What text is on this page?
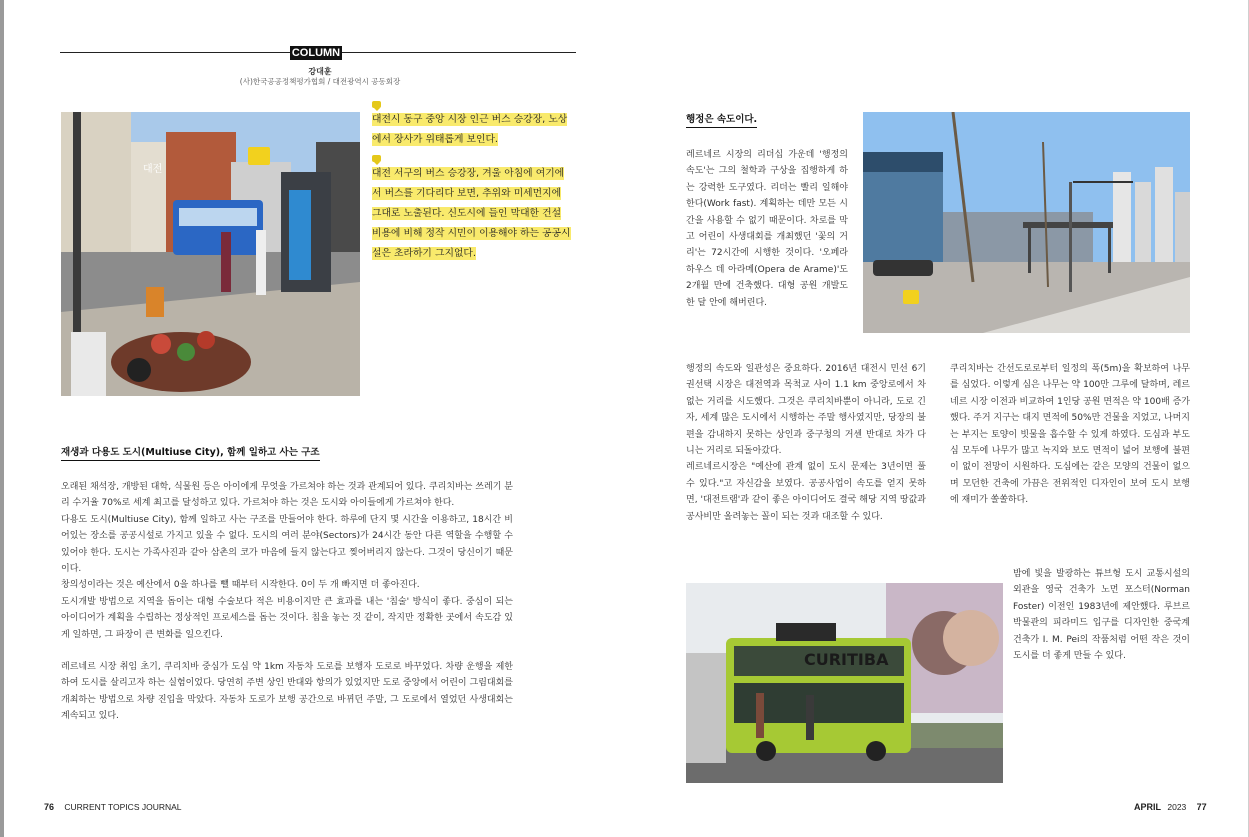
COLUMN
강대훈
(사)한국공공정책평가협회 / 대전광역시 공동회장
대전
대전시 동구 중앙 시장 인근 버스 승강장, 노상에서 장사가 위태롭게 보인다.
대전 서구의 버스 승강장, 겨울 아침에 여기에서 버스를 기다리다 보면, 추위와 미세먼지에 그대로 노출된다. 신도시에 들인 막대한 건설 비용에 비해 정작 시민이 이용해야 하는 공공시설은 초라하기 그지없다.
재생과 다용도 도시(Multiuse City), 함께 일하고 사는 구조

오래된 채석장, 개방된 대학, 식물원 등은 아이에게 무엇을 가르쳐야 하는 것과 관계되어 있다. 쿠리치바는 쓰레기 분리 수거율 70%로 세계 최고를 달성하고 있다. 가르쳐야 하는 것은 도시와 아이들에게 가르쳐야 한다.

다용도 도시(Multiuse City), 함께 일하고 사는 구조를 만들어야 한다. 하루에 단지 몇 시간을 이용하고, 18시간 비어있는 장소를 공공시설로 가지고 있을 수 없다. 도시의 여러 분야(Sectors)가 24시간 동안 다른 역할을 수행할 수 있어야 한다. 도시는 가족사진과 같아 삼촌의 코가 마음에 들지 않는다고 찢어버리지 않는다. 그것이 당신이기 때문이다.

창의성이라는 것은 예산에서 0을 하나를 뺄 때부터 시작한다. 0이 두 개 빠지면 더 좋아진다.

도시개발 방법으로 지역을 돕이는 대형 수술보다 적은 비용이지만 큰 효과를 내는 '침술' 방식이 좋다. 중심이 되는 아이디어가 계획을 수립하는 정상적인 프로세스를 돕는 것이다. 침을 놓는 것 같이, 작지만 정확한 곳에서 속도감 있게 일하면, 그 파장이 큰 변화를 일으킨다.

레르네르 시장 취임 초기, 쿠리치바 중심가 도심 약 1km 자동차 도로를 보행자 도로로 바꾸었다. 차량 운행을 제한하여 도시를 살리고자 하는 실험이었다. 당연히 주변 상인 반대와 항의가 있었지만 도로 중앙에서 어린이 그림대회를 개최하는 방법으로 차량 진입을 막았다. 자동차 도로가 보행 공간으로 바뀌던 주말, 그 도로에서 열었던 사생대회는 계속되고 있다.

행정은 속도이다.
레르네르 시장의 리더십 가운데 '행정의 속도'는 그의 철학과 구상을 집행하게 하는 강력한 도구였다. 리더는 빨리 일해야 한다(Work fast). 계획하는 데만 모든 시간을 사용할 수 없기 때문이다. 차로를 막고 어린이 사생대회를 개최했던 '꽃의 거리'는 72시간에 시행한 것이다. '오페라 하우스 데 아라메(Opera de Arame)'도 2개월 만에 건축했다. 대형 공원 개발도 한 달 안에 해버린다.

행정의 속도와 일관성은 중요하다. 2016년 대전시 민선 6기 권선택 시장은 대전역과 목척교 사이 1.1 km 중앙로에서 차 없는 거리를 시도했다. 그것은 쿠리치바뿐이 아니라, 도로 긴자, 세계 많은 도시에서 시행하는 주말 행사였지만, 당장의 불편을 감내하지 못하는 상인과 중구청의 거센 반대로 차가 다니는 거리로 되돌아갔다.

레르네르시장은 "예산에 관계 없이 도시 문제는 3년이면 풀 수 있다."고 자신감을 보였다. 공공사업이 속도를 얻지 못하면, '대전트램'과 같이 좋은 아이디어도 결국 해당 지역 땅값과 공사비만 올려놓는 꼴이 되는 것과 대조할 수 있다.

쿠리치바는 간선도로로부터 일정의 폭(5m)을 확보하여 나무를 심었다. 이렇게 심은 나무는 약 100만 그루에 달하며, 레르네르 시장 이전과 비교하여 1인당 공원 면적은 약 100배 증가했다. 주거 지구는 대지 면적에 50%만 건물을 지었고, 나머지는 부지는 토양이 빗물을 흡수할 수 있게 하였다. 도심과 부도심 모두에 나무가 많고 녹지와 보도 면적이 넓어 보행에 불편이 없이 전망이 시원하다. 도심에는 같은 모양의 건물이 없으며 모던한 건축에 가끔은 전위적인 디자인이 보여 도시 보행에 재미가 쏠쏠하다.

CURITIBA
밤에 빛을 발광하는 튜브형 도시 교통시설의 외관을 영국 건축가 노먼 포스터(Norman Foster) 이전인 1983년에 제안했다. 루브르 박물관의 피라미드 입구를 디자인한 중국계 건축가 I. M. Pei의 작품처럼 어떤 작은 것이 도시를 더 좋게 만들 수 있다.
76 CURRENT TOPICS JOURNAL	APRIL 2023 77
